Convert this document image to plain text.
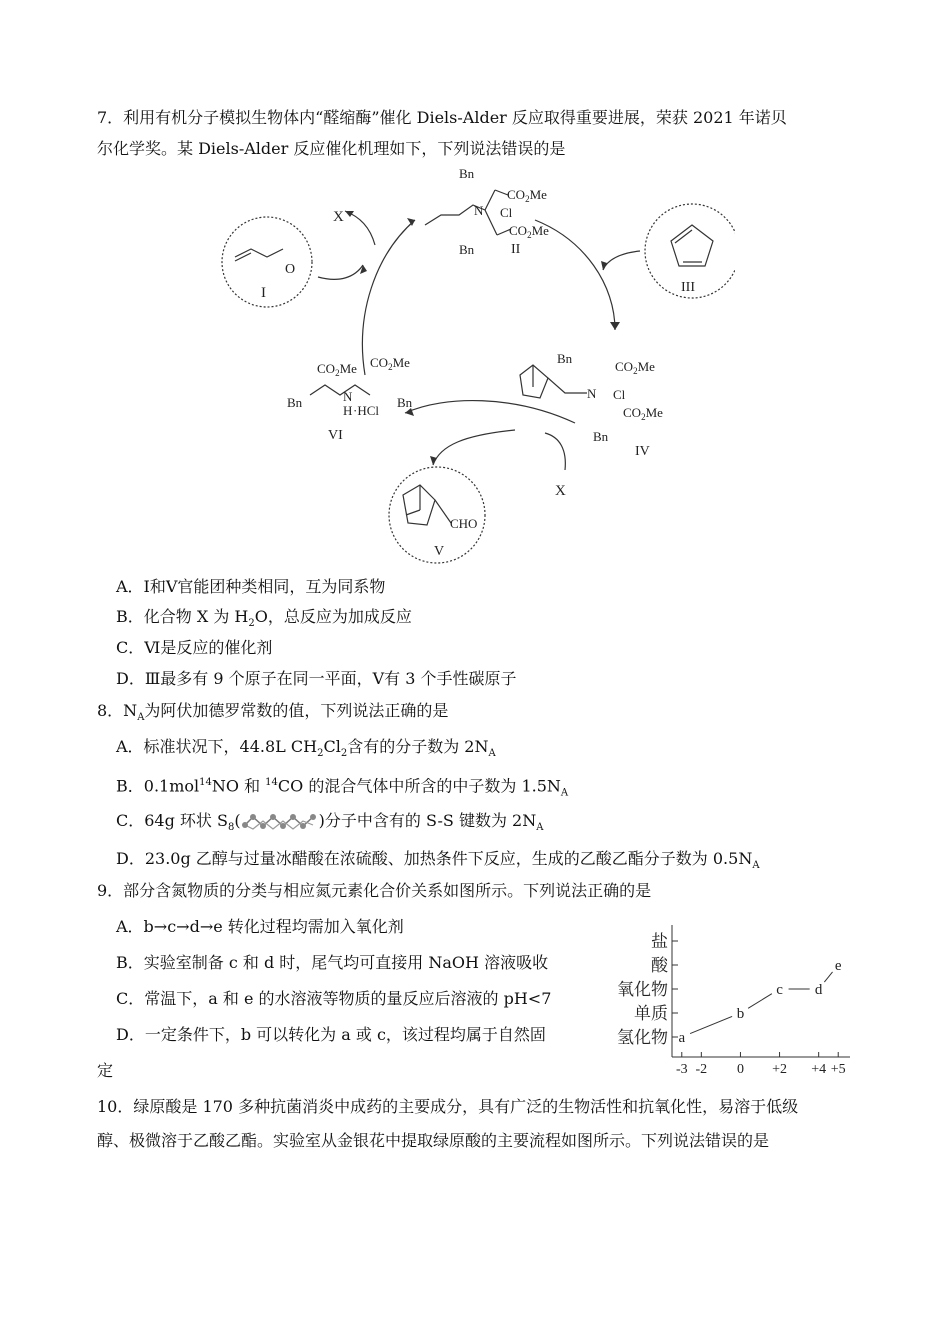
7．利用有机分子模拟生物体内“醛缩酶”催化 Diels-Alder 反应取得重要进展，荣获 2021 年诺贝
尔化学奖。某 Diels-Alder 反应催化机理如下，下列说法错误的是
I
O
X
II
III
IV
V
VI
X
CHO
Bn
$CO_2Me$
N Cl
$CO_2Me$
Bn
Bn
$CO_2Me$
N Cl
$CO_2Me$
Bn
$CO_2Me$ $CO_2Me$
Bn	N
H ·HCl
Bn
A．Ⅰ和Ⅴ官能团种类相同，互为同系物
B．化合物 X 为 $H_2O$，总反应为加成反应
C．Ⅵ是反应的催化剂
D．Ⅲ最多有 9 个原子在同一平面，Ⅴ有 3 个手性碳原子
8．$N_A$为阿伏加德罗常数的值，下列说法正确的是
A．标准状况下，44.8L $CH_2Cl_2$含有的分子数为 $2N_A$
B．0.1mol$^{14}$NO 和 $^{14}$CO 的混合气体中所含的中子数为 $1.5N_A$
C．64g 环状 $S_8$(	)分子中含有的 S-S 键数为 $2N_A$
D．23.0g 乙醇与过量冰醋酸在浓硫酸、加热条件下反应，生成的乙酸乙酯分子数为 $0.5N_A$
9．部分含氮物质的分类与相应氮元素化合价关系如图所示。下列说法正确的是
A．b→c→d→e 转化过程均需加入氧化剂
B．实验室制备 c 和 d 时，尾气均可直接用 NaOH 溶液吸收
C．常温下，a 和 e 的水溶液等物质的量反应后溶液的 pH<7
D．一定条件下，b 可以转化为 a 或 c，该过程均属于自然固
定
氢化物
单质
氧化物
酸
盐
-3 -2 0 +2 +4 +5
a
b
c d
e
10．绿原酸是 170 多种抗菌消炎中成药的主要成分，具有广泛的生物活性和抗氧化性，易溶于低级
醇、极微溶于乙酸乙酯。实验室从金银花中提取绿原酸的主要流程如图所示。下列说法错误的是
